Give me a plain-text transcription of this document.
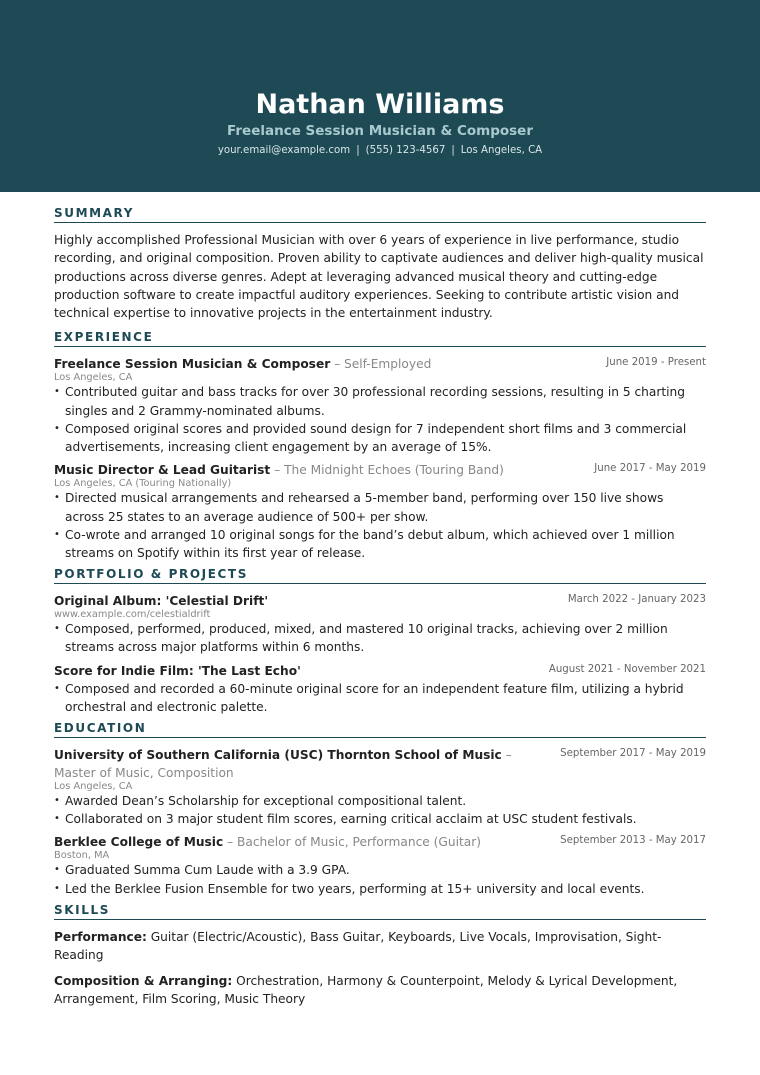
Nathan Williams
Freelance Session Musician & Composer
your.email@example.com | (555) 123-4567 | Los Angeles, CA
SUMMARY

Highly accomplished Professional Musician with over 6 years of experience in live performance, studio recording, and original composition. Proven ability to captivate audiences and deliver high-quality musical productions across diverse genres. Adept at leveraging advanced musical theory and cutting-edge production software to create impactful auditory experiences. Seeking to contribute artistic vision and technical expertise to innovative projects in the entertainment industry.

EXPERIENCE
Freelance Session Musician & Composer – Self-Employed	June 2019 - Present
Los Angeles, CA
• Contributed guitar and bass tracks for over 30 professional recording sessions, resulting in 5 charting singles and 2 Grammy-nominated albums.
• Composed original scores and provided sound design for 7 independent short films and 3 commercial advertisements, increasing client engagement by an average of 15%.
Music Director & Lead Guitarist – The Midnight Echoes (Touring Band)	June 2017 - May 2019
Los Angeles, CA (Touring Nationally)
• Directed musical arrangements and rehearsed a 5-member band, performing over 150 live shows across 25 states to an average audience of 500+ per show.
• Co-wrote and arranged 10 original songs for the band’s debut album, which achieved over 1 million streams on Spotify within its first year of release.
PORTFOLIO & PROJECTS
Original Album: 'Celestial Drift'	March 2022 - January 2023
www.example.com/celestialdrift
• Composed, performed, produced, mixed, and mastered 10 original tracks, achieving over 2 million streams across major platforms within 6 months.
Score for Indie Film: 'The Last Echo'	August 2021 - November 2021
• Composed and recorded a 60-minute original score for an independent feature film, utilizing a hybrid orchestral and electronic palette.
EDUCATION
University of Southern California (USC) Thornton School of Music – Master of Music, Composition
September 2017 - May 2019
Los Angeles, CA
• Awarded Dean’s Scholarship for exceptional compositional talent.
• Collaborated on 3 major student film scores, earning critical acclaim at USC student festivals.
Berklee College of Music – Bachelor of Music, Performance (Guitar)	September 2013 - May 2017
Boston, MA
• Graduated Summa Cum Laude with a 3.9 GPA.
• Led the Berklee Fusion Ensemble for two years, performing at 15+ university and local events.
SKILLS
Performance: Guitar (Electric/Acoustic), Bass Guitar, Keyboards, Live Vocals, Improvisation, Sight-Reading
Composition & Arranging: Orchestration, Harmony & Counterpoint, Melody & Lyrical Development, Arrangement, Film Scoring, Music Theory
